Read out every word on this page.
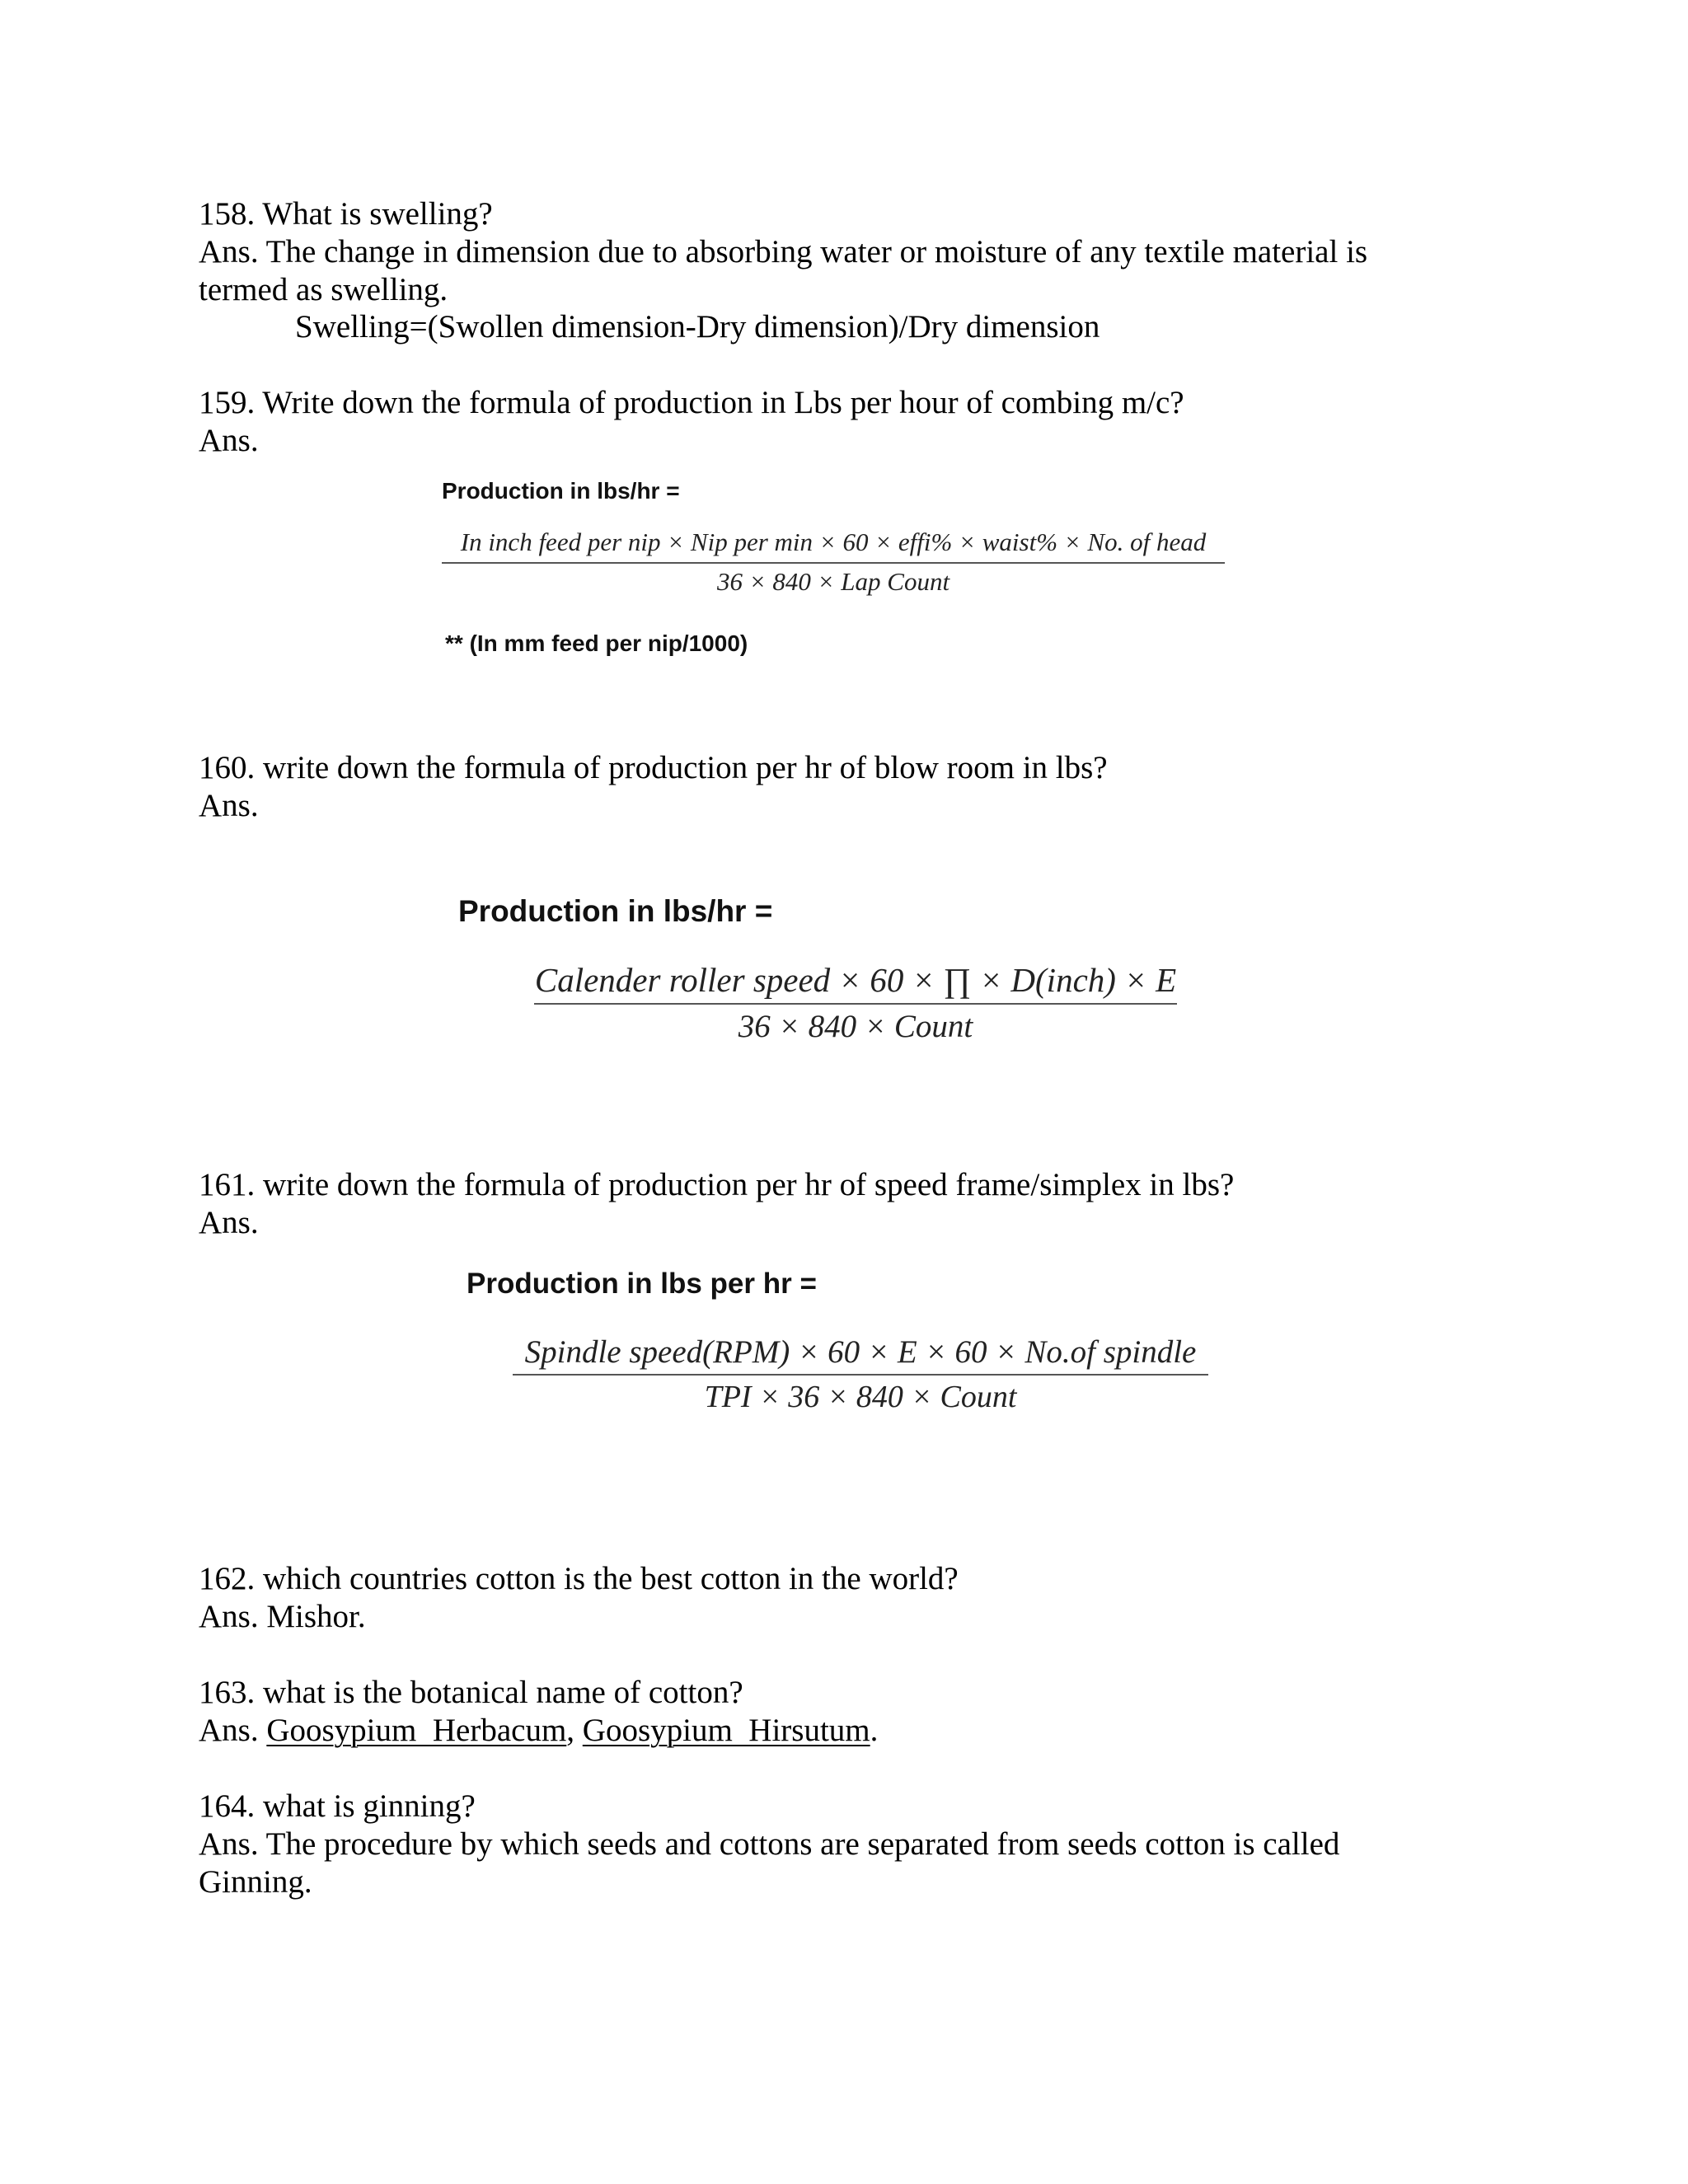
158. What is swelling?
Ans. The change in dimension due to absorbing water or moisture of any textile material is
termed as swelling.
Swelling=(Swollen dimension-Dry dimension)/Dry dimension
159. Write down the formula of production in Lbs per hour of combing m/c?
Ans.
Production in lbs/hr =
In inch feed per nip × Nip per min × 60 × effi% × waist% × No. of head
36 × 840 × Lap Count
** (In mm feed per nip/1000)
160. write down the formula of production per hr of blow room in lbs?
Ans.
Production in lbs/hr =
Calender roller speed × 60 × ∏ × D(inch) × E
36 × 840 × Count
161. write down the formula of production per hr of speed frame/simplex in lbs?
Ans.
Production in lbs per hr =
Spindle speed(RPM) × 60 × E × 60 × No.of spindle
TPI × 36 × 840 × Count
162. which countries cotton is the best cotton in the world?
Ans. Mishor.
163. what is the botanical name of cotton?
Ans. Goosypium  Herbacum, Goosypium  Hirsutum.
164. what is ginning?
Ans. The procedure by which seeds and cottons are separated from seeds cotton is called
Ginning.
